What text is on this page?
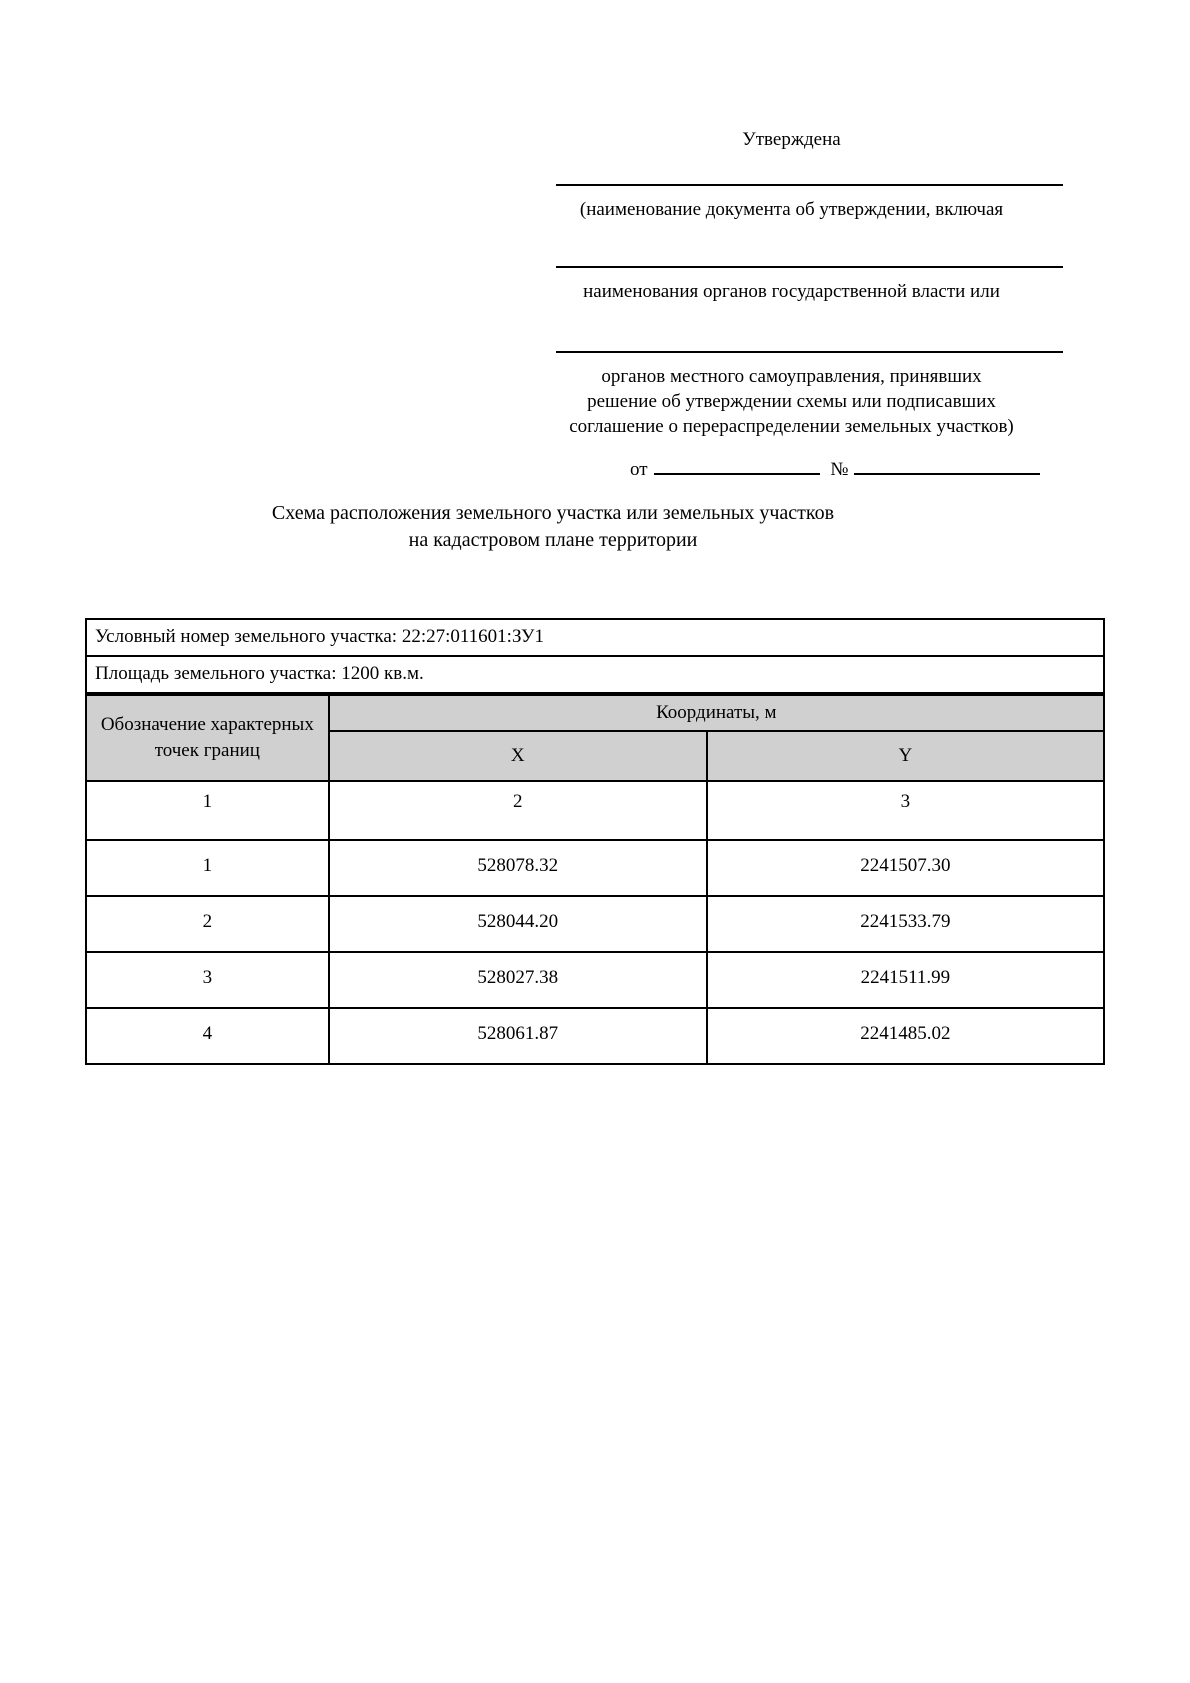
Утверждена
(наименование документа об утверждении, включая
наименования органов государственной власти или
органов местного самоуправления, принявших
решение об утверждении схемы или подписавших
соглашение о перераспределении земельных участков)
от	№
Схема расположения земельного участка или земельных участков
на кадастровом плане территории
Условный номер земельного участка: 22:27:011601:ЗУ1
Площадь земельного участка: 1200 кв.м.
Обозначение характерных точек границ	Координаты, м	
	X	Y
1	2	3
1	528078.32	2241507.30
2	528044.20	2241533.79
3	528027.38	2241511.99
4	528061.87	2241485.02
